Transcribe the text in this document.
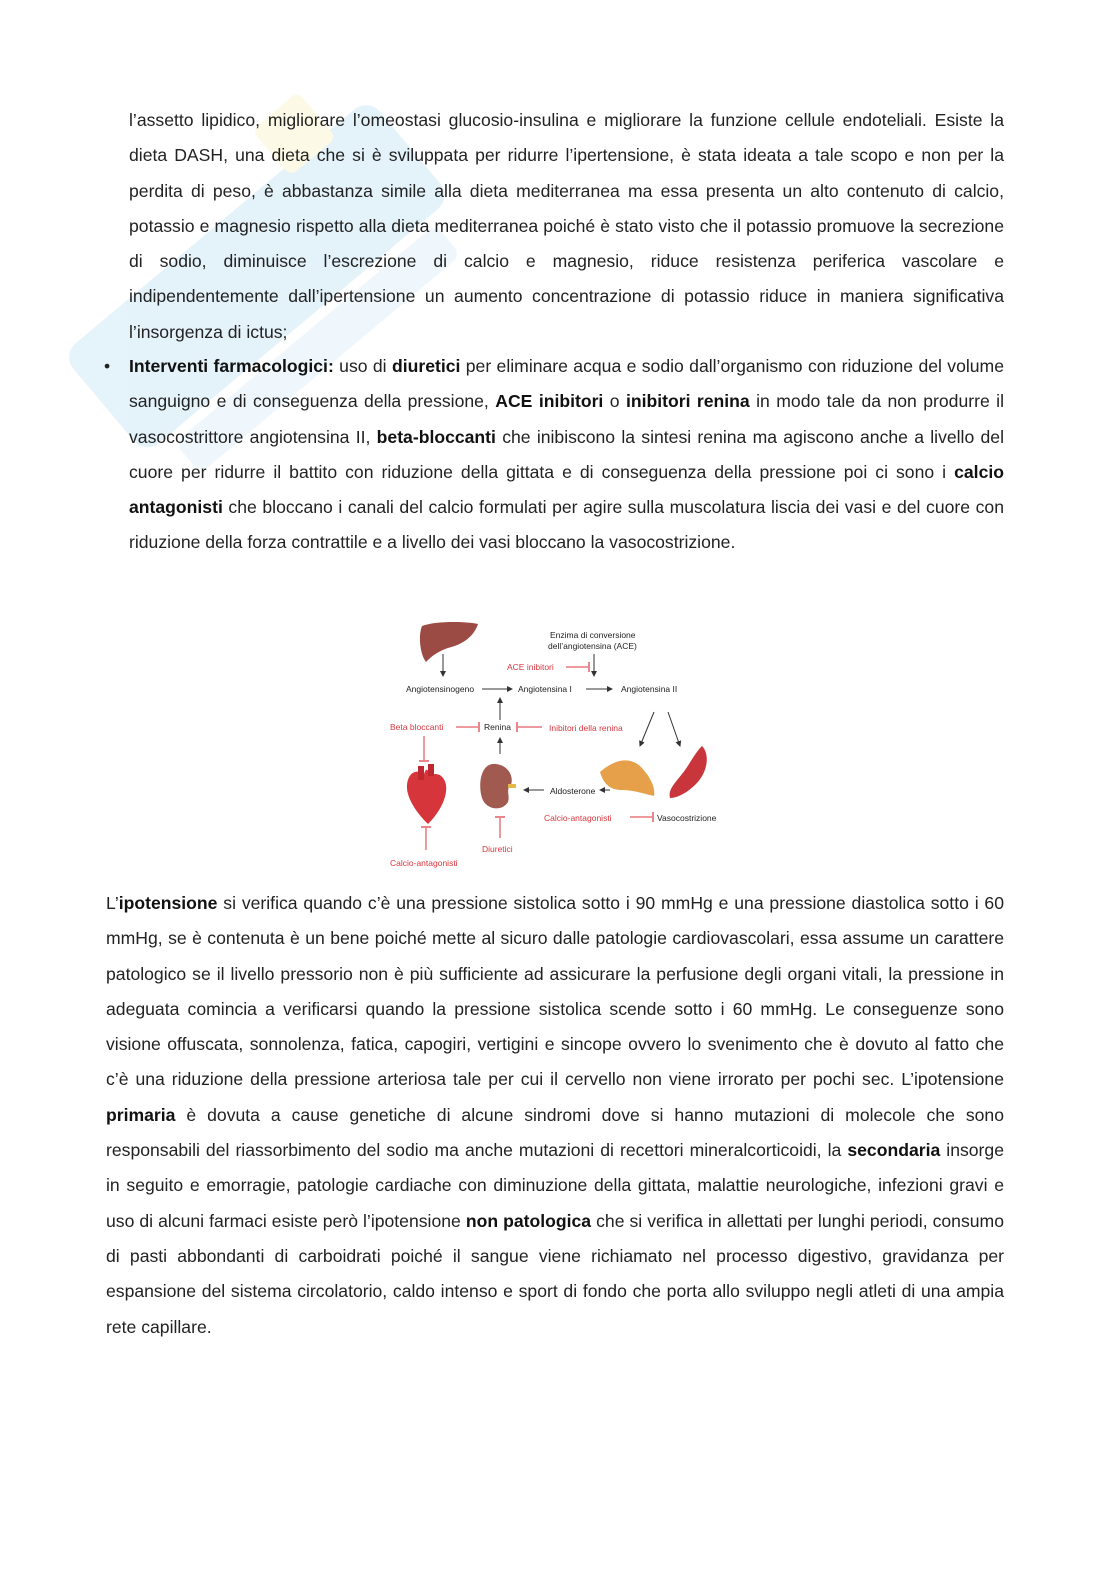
l’assetto lipidico, migliorare l’omeostasi glucosio-insulina e migliorare la funzione cellule endoteliali. Esiste la dieta DASH, una dieta che si è sviluppata per ridurre l’ipertensione, è stata ideata a tale scopo e non per la perdita di peso, è abbastanza simile alla dieta mediterranea ma essa presenta un alto contenuto di calcio, potassio e magnesio rispetto alla dieta mediterranea poiché è stato visto che il potassio promuove la secrezione di sodio, diminuisce l’escrezione di calcio e magnesio, riduce resistenza periferica vascolare e indipendentemente dall’ipertensione un aumento concentrazione di potassio riduce in maniera significativa l’insorgenza di ictus;

• Interventi farmacologici: uso di diuretici per eliminare acqua e sodio dall’organismo con riduzione del volume sanguigno e di conseguenza della pressione, ACE inibitori o inibitori renina in modo tale da non produrre il vasocostrittore angiotensina II, beta-bloccanti che inibiscono la sintesi renina ma agiscono anche a livello del cuore per ridurre il battito con riduzione della gittata e di conseguenza della pressione poi ci sono i calcio antagonisti che bloccano i canali del calcio formulati per agire sulla muscolatura liscia dei vasi e del cuore con riduzione della forza contrattile e a livello dei vasi bloccano la vasocostrizione.

Enzima di conversione
dell’angiotensina (ACE)
ACE inibitori
Angiotensinogeno	Angiotensina I	Angiotensina II
Beta bloccanti	Renina	Inibitori della renina
Aldosterone
Calcio-antagonisti	Vasocostrizione
Diuretici
Calcio-antagonisti

L’ipotensione si verifica quando c’è una pressione sistolica sotto i 90 mmHg e una pressione diastolica sotto i 60 mmHg, se è contenuta è un bene poiché mette al sicuro dalle patologie cardiovascolari, essa assume un carattere patologico se il livello pressorio non è più sufficiente ad assicurare la perfusione degli organi vitali, la pressione in adeguata comincia a verificarsi quando la pressione sistolica scende sotto i 60 mmHg. Le conseguenze sono visione offuscata, sonnolenza, fatica, capogiri, vertigini e sincope ovvero lo svenimento che è dovuto al fatto che c’è una riduzione della pressione arteriosa tale per cui il cervello non viene irrorato per pochi sec. L’ipotensione primaria è dovuta a cause genetiche di alcune sindromi dove si hanno mutazioni di molecole che sono responsabili del riassorbimento del sodio ma anche mutazioni di recettori mineralcorticoidi, la secondaria insorge in seguito e emorragie, patologie cardiache con diminuzione della gittata, malattie neurologiche, infezioni gravi e uso di alcuni farmaci esiste però l’ipotensione non patologica che si verifica in allettati per lunghi periodi, consumo di pasti abbondanti di carboidrati poiché il sangue viene richiamato nel processo digestivo, gravidanza per espansione del sistema circolatorio, caldo intenso e sport di fondo che porta allo sviluppo negli atleti di una ampia rete capillare.
